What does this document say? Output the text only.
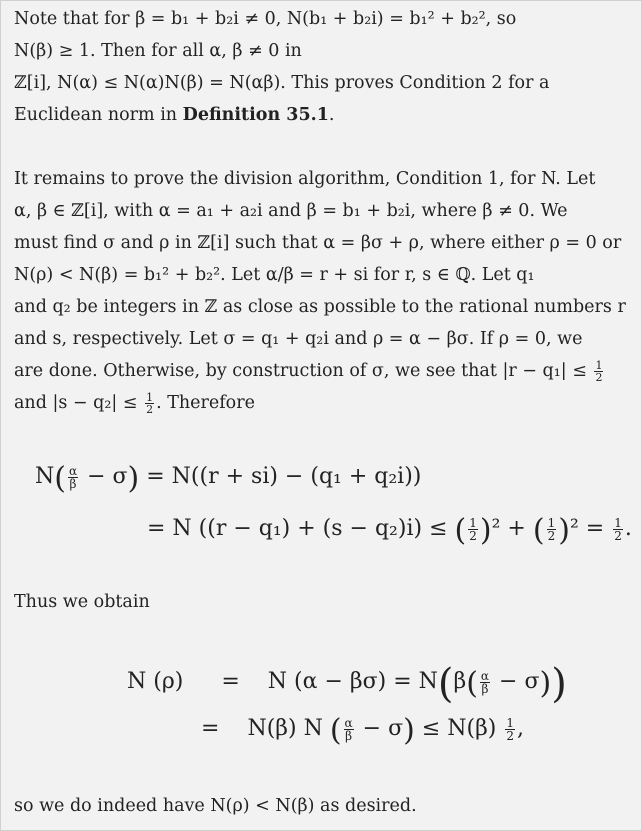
Note that for β = b₁ + b₂i ≠ 0, N(b₁ + b₂i) = b₁² + b₂², so
N(β) ≥ 1. Then for all α, β ≠ 0 in
ℤ[i], N(α) ≤ N(α)N(β) = N(αβ). This proves Condition 2 for a
Euclidean norm in Definition 35.1.
It remains to prove the division algorithm, Condition 1, for N. Let
α, β ∈ ℤ[i], with α = a₁ + a₂i and β = b₁ + b₂i, where β ≠ 0. We
must find σ and ρ in ℤ[i] such that α = βσ + ρ, where either ρ = 0 or
N(ρ) < N(β) = b₁² + b₂². Let α/β = r + si for r, s ∈ ℚ. Let q₁
and q₂ be integers in ℤ as close as possible to the rational numbers r
and s, respectively. Let σ = q₁ + q₂i and ρ = α − βσ. If ρ = 0, we
are done. Otherwise, by construction of σ, we see that $|r - q_1| \le \frac{1}{2}$
and $|s - q_2| \le \frac{1}{2}$ . Therefore
$N( \frac{\alpha}{\beta} - \sigma) = N((r + si) - (q_1 + q_2i))$
= N ((r − q₁) + (s − q₂)i) ≤ ( $\frac{1}{2} )^2$ + ( $\frac{1}{2} )^2 = \frac{1}{2}$ .
Thus we obtain
N (ρ) = N $(\alpha - \beta\sigma) = N(\beta( \frac{\alpha}{\beta} - \sigma))$
= N(β) N ( $\frac{\alpha}{\beta} - \sigma) \le N(\beta) \frac{1}{2}$ ,
so we do indeed have N(ρ) < N(β) as desired.
